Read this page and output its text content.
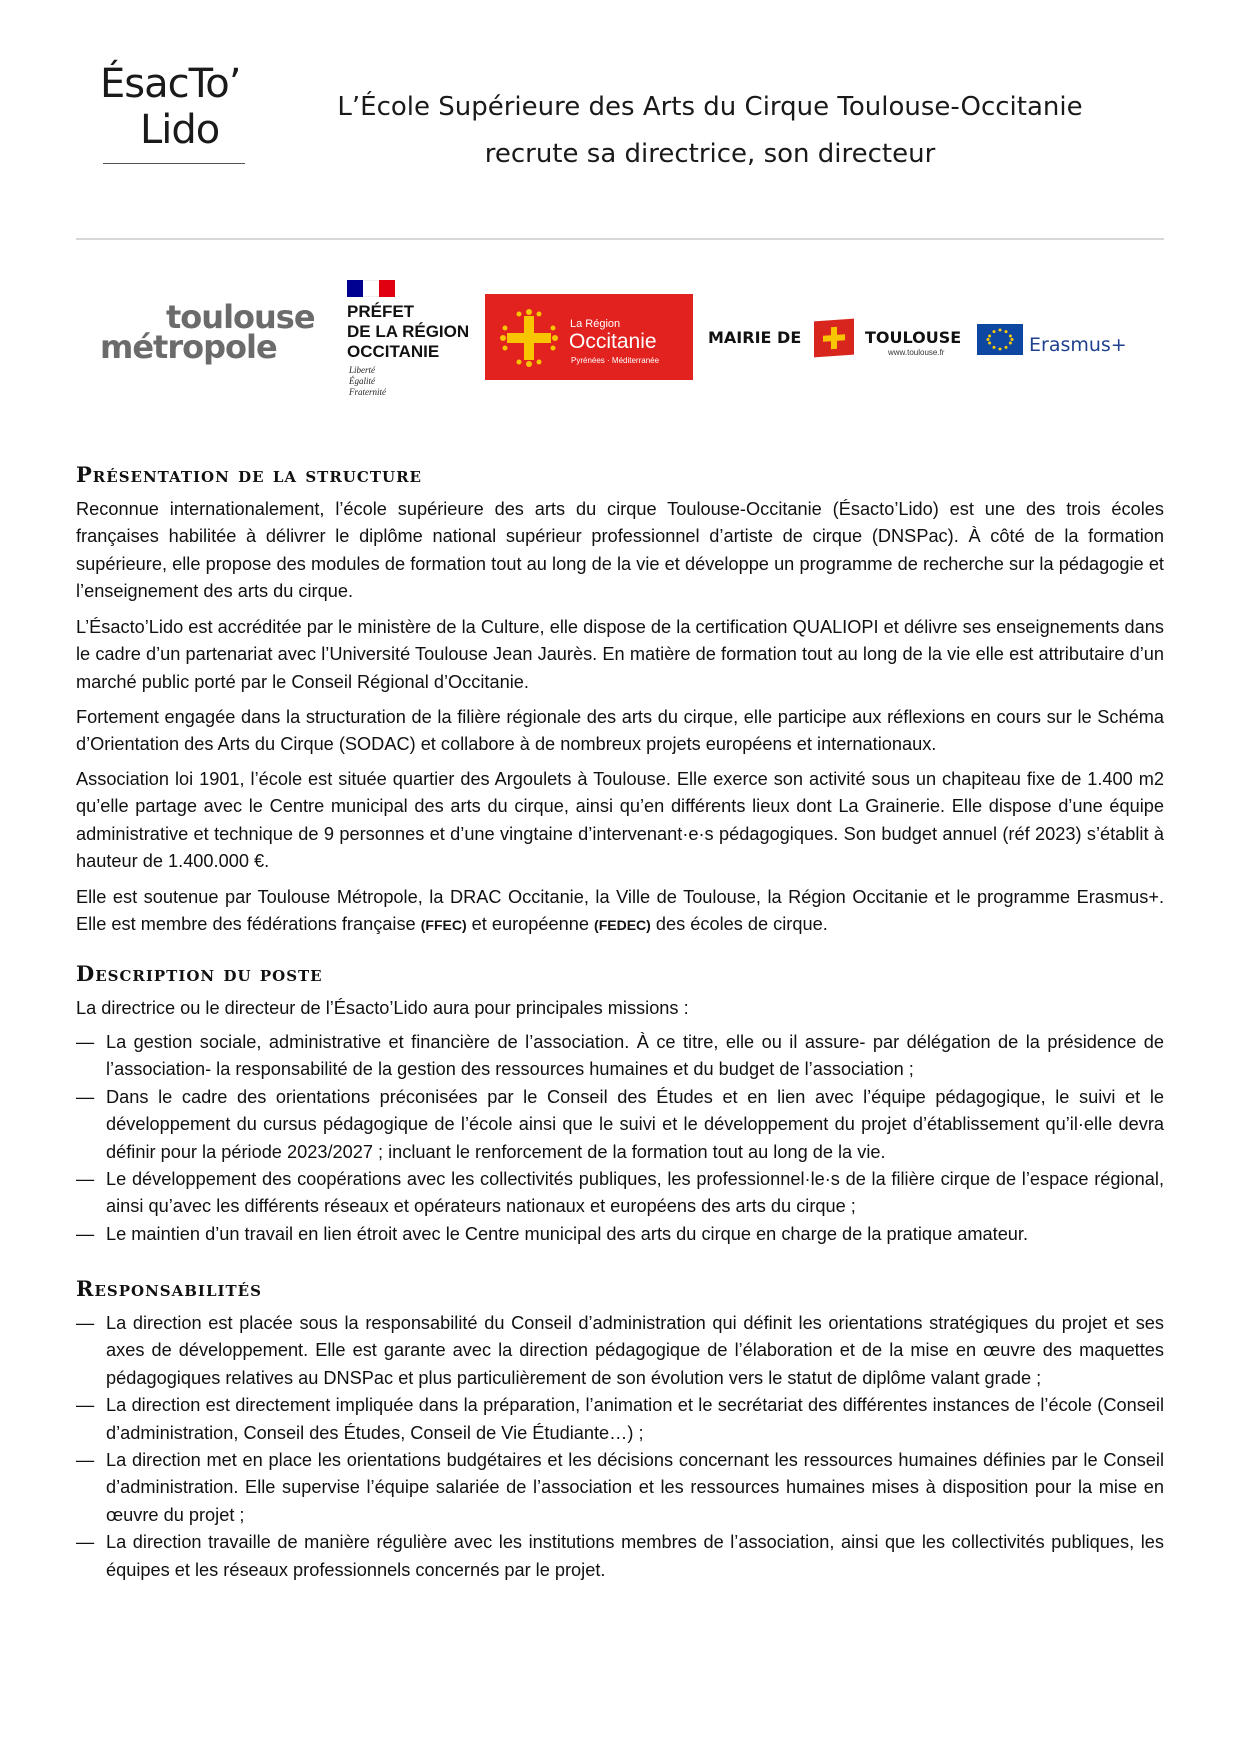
ÉsacTo’
Lido	L’École Supérieure des Arts du Cirque Toulouse-Occitanie
recrute sa directrice, son directeur
toulouse
métropole
PRÉFET
DE LA RÉGION
OCCITANIE
Liberté
Égalité
Fraternité
La Région
Occitanie
Pyrénées · Méditerranée
MAIRIE DE	TOULOUSE
www.toulouse.fr	Erasmus+
Présentation de la structure
Reconnue internationalement, l’école supérieure des arts du cirque Toulouse-Occitanie (Ésacto’Lido) est une des trois écoles françaises habilitée à délivrer le diplôme national supérieur professionnel d’artiste de cirque (DNSPac). À côté de la formation supérieure, elle propose des modules de formation tout au long de la vie et développe un programme de recherche sur la pédagogie et l’enseignement des arts du cirque.
L’Ésacto’Lido est accréditée par le ministère de la Culture, elle dispose de la certification QUALIOPI et délivre ses enseignements dans le cadre d’un partenariat avec l’Université Toulouse Jean Jaurès. En matière de formation tout au long de la vie elle est attributaire d’un marché public porté par le Conseil Régional d’Occitanie.
Fortement engagée dans la structuration de la filière régionale des arts du cirque, elle participe aux réflexions en cours sur le Schéma d’Orientation des Arts du Cirque (SODAC) et collabore à de nombreux projets européens et internationaux.
Association loi 1901, l’école est située quartier des Argoulets à Toulouse. Elle exerce son activité sous un chapiteau fixe de 1.400 m2 qu’elle partage avec le Centre municipal des arts du cirque, ainsi qu’en différents lieux dont La Grainerie. Elle dispose d’une équipe administrative et technique de 9 personnes et d’une vingtaine d’intervenant·e·s pédagogiques. Son budget annuel (réf 2023) s’établit à hauteur de 1.400.000 €.
Elle est soutenue par Toulouse Métropole, la DRAC Occitanie, la Ville de Toulouse, la Région Occitanie et le programme Erasmus+. Elle est membre des fédérations française (FFEC) et européenne (FEDEC) des écoles de cirque.
Description du poste
La directrice ou le directeur de l’Ésacto’Lido aura pour principales missions :
— La gestion sociale, administrative et financière de l’association. À ce titre, elle ou il assure- par délégation de la présidence de l’association- la responsabilité de la gestion des ressources humaines et du budget de l’association ;
— Dans le cadre des orientations préconisées par le Conseil des Études et en lien avec l’équipe pédagogique, le suivi et le développement du cursus pédagogique de l’école ainsi que le suivi et le développement du projet d’établissement qu’il·elle devra définir pour la période 2023/2027 ; incluant le renforcement de la formation tout au long de la vie.
— Le développement des coopérations avec les collectivités publiques, les professionnel·le·s de la filière cirque de l’espace régional, ainsi qu’avec les différents réseaux et opérateurs nationaux et européens des arts du cirque ;
— Le maintien d’un travail en lien étroit avec le Centre municipal des arts du cirque en charge de la pratique amateur.
Responsabilités
— La direction est placée sous la responsabilité du Conseil d’administration qui définit les orientations stratégiques du projet et ses axes de développement. Elle est garante avec la direction pédagogique de l’élaboration et de la mise en œuvre des maquettes pédagogiques relatives au DNSPac et plus particulièrement de son évolution vers le statut de diplôme valant grade ;
— La direction est directement impliquée dans la préparation, l’animation et le secrétariat des différentes instances de l’école (Conseil d’administration, Conseil des Études, Conseil de Vie Étudiante…) ;
— La direction met en place les orientations budgétaires et les décisions concernant les ressources humaines définies par le Conseil d’administration. Elle supervise l’équipe salariée de l’association et les ressources humaines mises à disposition pour la mise en œuvre du projet ;
— La direction travaille de manière régulière avec les institutions membres de l’association, ainsi que les collectivités publiques, les équipes et les réseaux professionnels concernés par le projet.
